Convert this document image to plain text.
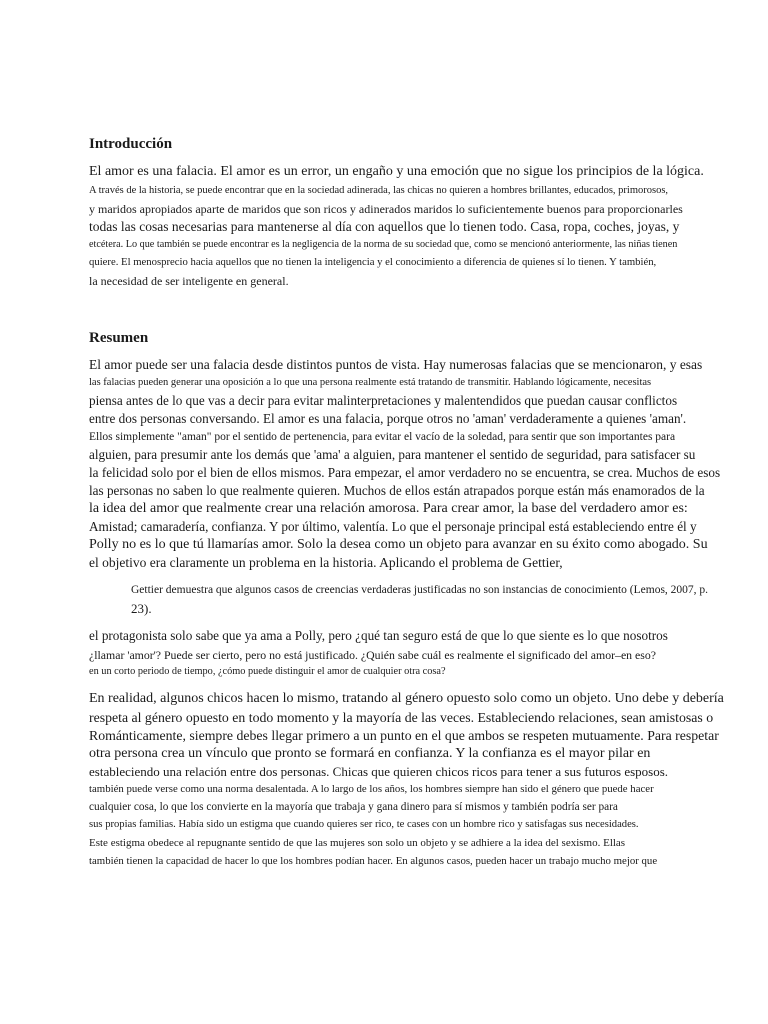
Introducción

El amor es una falacia. El amor es un error, un engaño y una emoción que no sigue los principios de la lógica.

A través de la historia, se puede encontrar que en la sociedad adinerada, las chicas no quieren a hombres brillantes, educados, primorosos,

y maridos apropiados aparte de maridos que son ricos y adinerados maridos lo suficientemente buenos para proporcionarles

todas las cosas necesarias para mantenerse al día con aquellos que lo tienen todo. Casa, ropa, coches, joyas, y

etcétera. Lo que también se puede encontrar es la negligencia de la norma de su sociedad que, como se mencionó anteriormente, las niñas tienen

quiere. El menosprecio hacia aquellos que no tienen la inteligencia y el conocimiento a diferencia de quienes sí lo tienen. Y también,

la necesidad de ser inteligente en general.

Resumen

El amor puede ser una falacia desde distintos puntos de vista. Hay numerosas falacias que se mencionaron, y esas

las falacias pueden generar una oposición a lo que una persona realmente está tratando de transmitir. Hablando lógicamente, necesitas

piensa antes de lo que vas a decir para evitar malinterpretaciones y malentendidos que puedan causar conflictos

entre dos personas conversando. El amor es una falacia, porque otros no 'aman' verdaderamente a quienes 'aman'.

Ellos simplemente "aman" por el sentido de pertenencia, para evitar el vacío de la soledad, para sentir que son importantes para

alguien, para presumir ante los demás que 'ama' a alguien, para mantener el sentido de seguridad, para satisfacer su

la felicidad solo por el bien de ellos mismos. Para empezar, el amor verdadero no se encuentra, se crea. Muchos de esos

las personas no saben lo que realmente quieren. Muchos de ellos están atrapados porque están más enamorados de la

la idea del amor que realmente crear una relación amorosa. Para crear amor, la base del verdadero amor es:

Amistad; camaradería, confianza. Y por último, valentía. Lo que el personaje principal está estableciendo entre él y

Polly no es lo que tú llamarías amor. Solo la desea como un objeto para avanzar en su éxito como abogado. Su

el objetivo era claramente un problema en la historia. Aplicando el problema de Gettier,

Gettier demuestra que algunos casos de creencias verdaderas justificadas no son instancias de conocimiento (Lemos, 2007, p.

23).

el protagonista solo sabe que ya ama a Polly, pero ¿qué tan seguro está de que lo que siente es lo que nosotros

¿llamar 'amor'? Puede ser cierto, pero no está justificado. ¿Quién sabe cuál es realmente el significado del amor–en eso?

en un corto periodo de tiempo, ¿cómo puede distinguir el amor de cualquier otra cosa?

En realidad, algunos chicos hacen lo mismo, tratando al género opuesto solo como un objeto. Uno debe y debería

respeta al género opuesto en todo momento y la mayoría de las veces. Estableciendo relaciones, sean amistosas o

Románticamente, siempre debes llegar primero a un punto en el que ambos se respeten mutuamente. Para respetar

otra persona crea un vínculo que pronto se formará en confianza. Y la confianza es el mayor pilar en

estableciendo una relación entre dos personas. Chicas que quieren chicos ricos para tener a sus futuros esposos.

también puede verse como una norma desalentada. A lo largo de los años, los hombres siempre han sido el género que puede hacer

cualquier cosa, lo que los convierte en la mayoría que trabaja y gana dinero para sí mismos y también podría ser para

sus propias familias. Había sido un estigma que cuando quieres ser rico, te cases con un hombre rico y satisfagas sus necesidades.

Este estigma obedece al repugnante sentido de que las mujeres son solo un objeto y se adhiere a la idea del sexismo. Ellas

también tienen la capacidad de hacer lo que los hombres podían hacer. En algunos casos, pueden hacer un trabajo mucho mejor que
